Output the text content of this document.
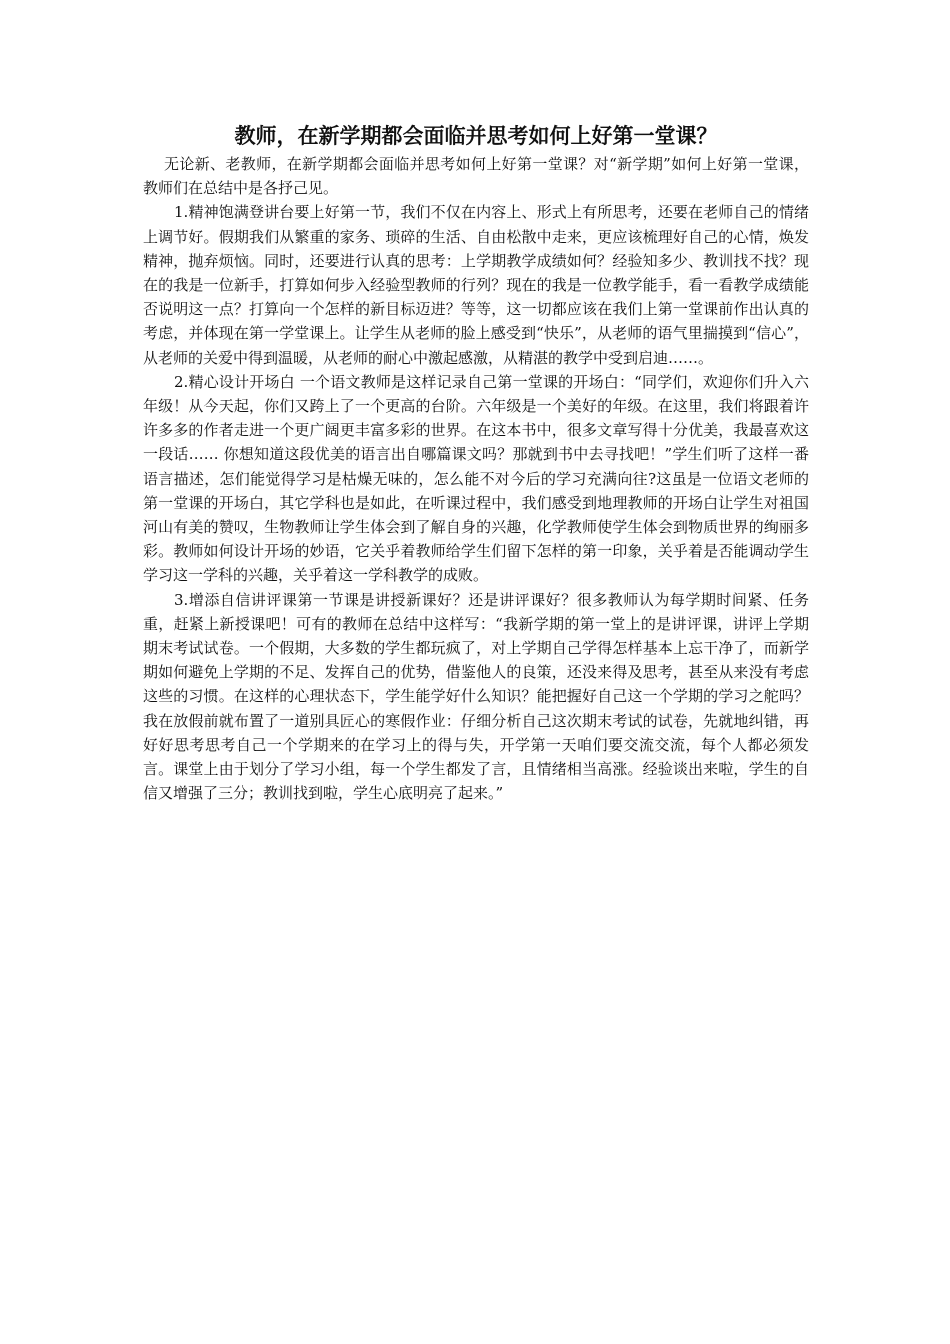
教师，在新学期都会面临并思考如何上好第一堂课？

无论新、老教师，在新学期都会面临并思考如何上好第一堂课？对“新学期”如何上好第一堂课，教师们在总结中是各抒己见。

1.精神饱满登讲台要上好第一节，我们不仅在内容上、形式上有所思考，还要在老师自己的情绪上调节好。假期我们从繁重的家务、琐碎的生活、自由松散中走来，更应该梳理好自己的心情，焕发精神，抛弃烦恼。同时，还要进行认真的思考：上学期教学成绩如何？经验知多少、教训找不找？现在的我是一位新手，打算如何步入经验型教师的行列？现在的我是一位教学能手，看一看教学成绩能否说明这一点？打算向一个怎样的新目标迈进？等等，这一切都应该在我们上第一堂课前作出认真的考虑，并体现在第一学堂课上。让学生从老师的脸上感受到“快乐”，从老师的语气里揣摸到“信心”，从老师的关爱中得到温暖，从老师的耐心中激起感激，从精湛的教学中受到启迪……。

2.精心设计开场白 一个语文教师是这样记录自己第一堂课的开场白：“同学们，欢迎你们升入六年级！从今天起，你们又跨上了一个更高的台阶。六年级是一个美好的年级。在这里，我们将跟着许许多多的作者走进一个更广阔更丰富多彩的世界。在这本书中，很多文章写得十分优美，我最喜欢这一段话…… 你想知道这段优美的语言出自哪篇课文吗？那就到书中去寻找吧！”学生们听了这样一番语言描述，怎们能觉得学习是枯燥无味的，怎么能不对今后的学习充满向往?这虽是一位语文老师的第一堂课的开场白，其它学科也是如此，在听课过程中，我们感受到地理教师的开场白让学生对祖国河山有美的赞叹，生物教师让学生体会到了解自身的兴趣，化学教师使学生体会到物质世界的绚丽多彩。教师如何设计开场的妙语，它关乎着教师给学生们留下怎样的第一印象，关乎着是否能调动学生学习这一学科的兴趣，关乎着这一学科教学的成败。

3.增添自信讲评课第一节课是讲授新课好？还是讲评课好？很多教师认为每学期时间紧、任务重，赶紧上新授课吧！可有的教师在总结中这样写：“我新学期的第一堂上的是讲评课，讲评上学期期末考试试卷。一个假期，大多数的学生都玩疯了，对上学期自己学得怎样基本上忘干净了，而新学期如何避免上学期的不足、发挥自己的优势，借鉴他人的良策，还没来得及思考，甚至从来没有考虑这些的习惯。在这样的心理状态下，学生能学好什么知识？能把握好自己这一个学期的学习之舵吗？我在放假前就布置了一道别具匠心的寒假作业：仔细分析自己这次期末考试的试卷，先就地纠错，再好好思考思考自己一个学期来的在学习上的得与失，开学第一天咱们要交流交流，每个人都必须发言。课堂上由于划分了学习小组，每一个学生都发了言，且情绪相当高涨。经验谈出来啦，学生的自信又增强了三分；教训找到啦，学生心底明亮了起来。”
